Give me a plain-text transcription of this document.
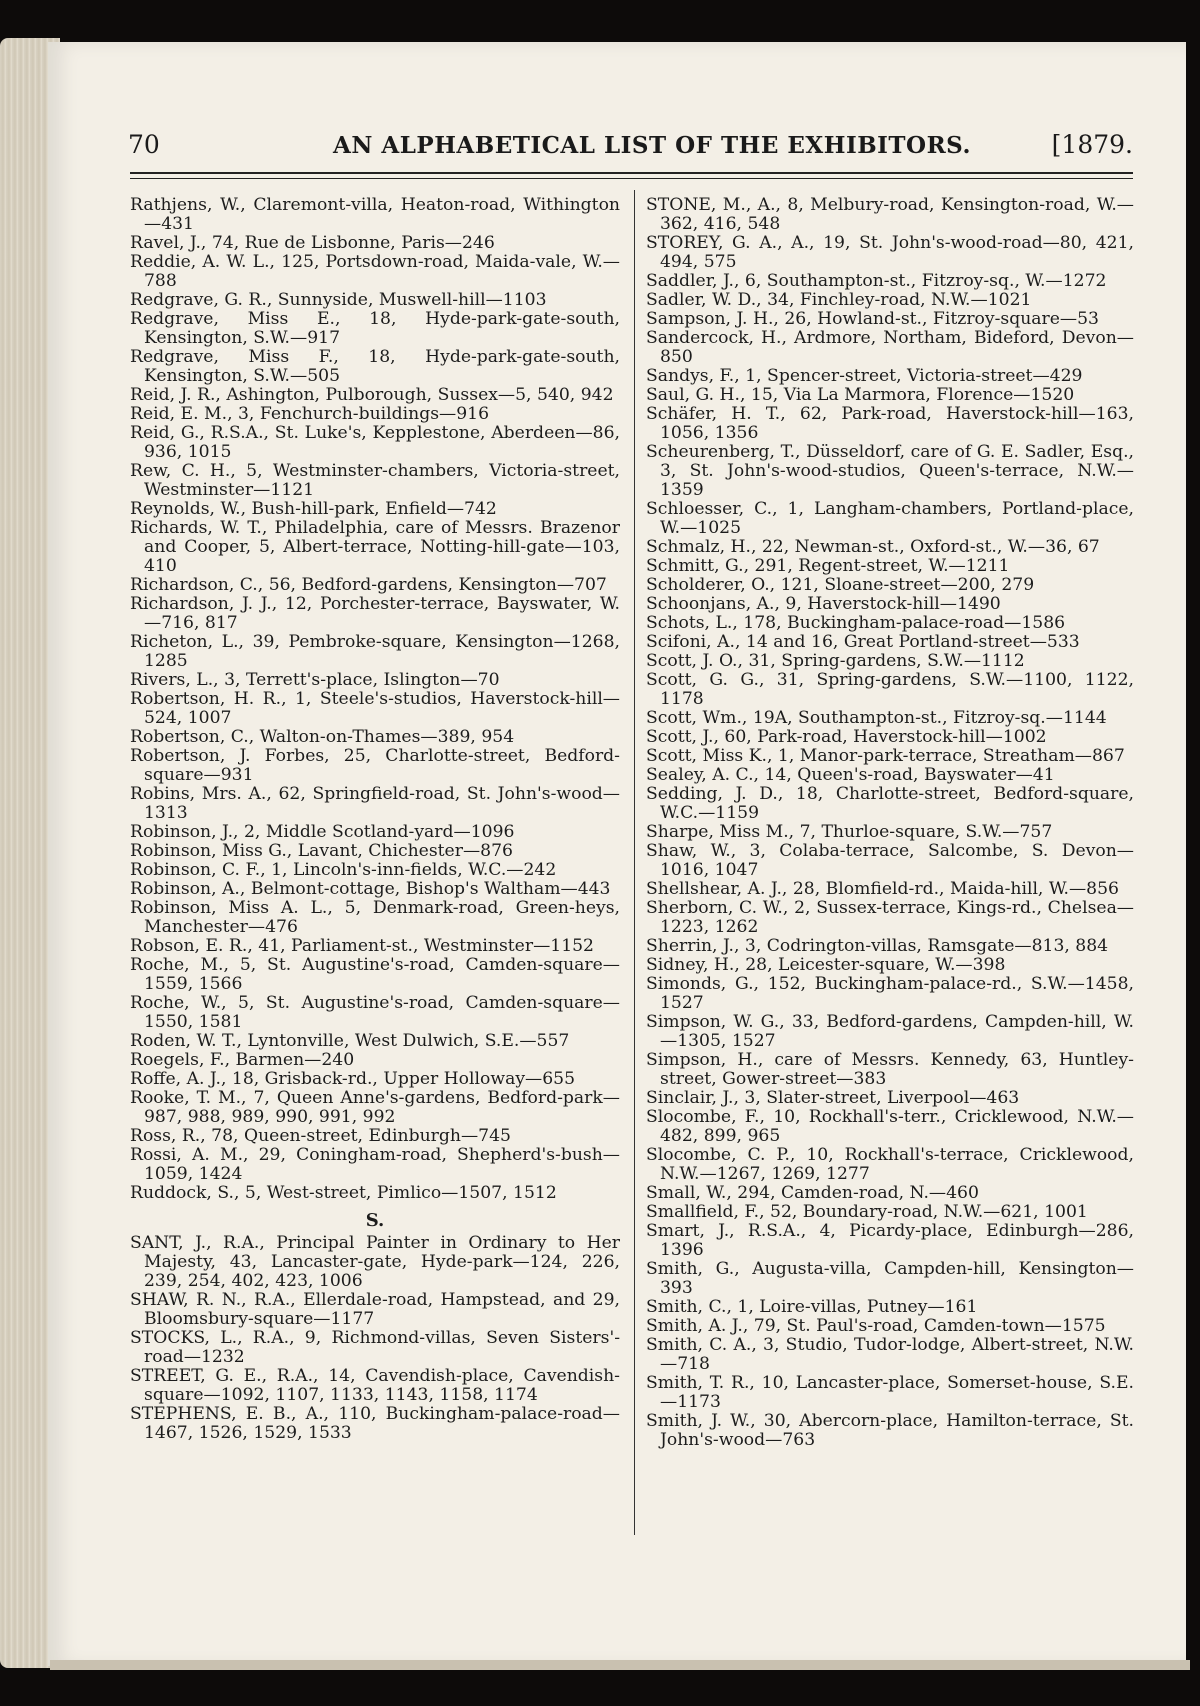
70	AN ALPHABETICAL LIST OF THE EXHIBITORS.	[1879.

Rathjens, W., Claremont-villa, Heaton-road, Withington—431

Ravel, J., 74, Rue de Lisbonne, Paris—246

Reddie, A. W. L., 125, Portsdown-road, Maida-vale, W.—788

Redgrave, G. R., Sunnyside, Muswell-hill—1103

Redgrave, Miss E., 18, Hyde-park-gate-south, Kensington, S.W.—917

Redgrave, Miss F., 18, Hyde-park-gate-south, Kensington, S.W.—505

Reid, J. R., Ashington, Pulborough, Sussex—5, 540, 942

Reid, E. M., 3, Fenchurch-buildings—916

Reid, G., R.S.A., St. Luke's, Kepplestone, Aberdeen—86, 936, 1015

Rew, C. H., 5, Westminster-chambers, Victoria-street, Westminster—1121

Reynolds, W., Bush-hill-park, Enfield—742

Richards, W. T., Philadelphia, care of Messrs. Brazenor and Cooper, 5, Albert-terrace, Notting-hill-gate—103, 410

Richardson, C., 56, Bedford-gardens, Kensington—707

Richardson, J. J., 12, Porchester-terrace, Bayswater, W.—716, 817

Richeton, L., 39, Pembroke-square, Kensington—1268, 1285

Rivers, L., 3, Terrett's-place, Islington—70

Robertson, H. R., 1, Steele's-studios, Haverstock-hill—524, 1007

Robertson, C., Walton-on-Thames—389, 954

Robertson, J. Forbes, 25, Charlotte-street, Bedford-square—931

Robins, Mrs. A., 62, Springfield-road, St. John's-wood—1313

Robinson, J., 2, Middle Scotland-yard—1096

Robinson, Miss G., Lavant, Chichester—876

Robinson, C. F., 1, Lincoln's-inn-fields, W.C.—242

Robinson, A., Belmont-cottage, Bishop's Waltham—443

Robinson, Miss A. L., 5, Denmark-road, Green-heys, Manchester—476

Robson, E. R., 41, Parliament-st., Westminster—1152

Roche, M., 5, St. Augustine's-road, Camden-square—1559, 1566

Roche, W., 5, St. Augustine's-road, Camden-square—1550, 1581

Roden, W. T., Lyntonville, West Dulwich, S.E.—557

Roegels, F., Barmen—240

Roffe, A. J., 18, Grisback-rd., Upper Holloway—655

Rooke, T. M., 7, Queen Anne's-gardens, Bedford-park—987, 988, 989, 990, 991, 992

Ross, R., 78, Queen-street, Edinburgh—745

Rossi, A. M., 29, Coningham-road, Shepherd's-bush—1059, 1424

Ruddock, S., 5, West-street, Pimlico—1507, 1512

S.

SANT, J., R.A., Principal Painter in Ordinary to Her Majesty, 43, Lancaster-gate, Hyde-park—124, 226, 239, 254, 402, 423, 1006

SHAW, R. N., R.A., Ellerdale-road, Hampstead, and 29, Bloomsbury-square—1177

STOCKS, L., R.A., 9, Richmond-villas, Seven Sisters'-road—1232

STREET, G. E., R.A., 14, Cavendish-place, Cavendish-square—1092, 1107, 1133, 1143, 1158, 1174

STEPHENS, E. B., A., 110, Buckingham-palace-road—1467, 1526, 1529, 1533

STONE, M., A., 8, Melbury-road, Kensington-road, W.—362, 416, 548

STOREY, G. A., A., 19, St. John's-wood-road—80, 421, 494, 575

Saddler, J., 6, Southampton-st., Fitzroy-sq., W.—1272

Sadler, W. D., 34, Finchley-road, N.W.—1021

Sampson, J. H., 26, Howland-st., Fitzroy-square—53

Sandercock, H., Ardmore, Northam, Bideford, Devon—850

Sandys, F., 1, Spencer-street, Victoria-street—429

Saul, G. H., 15, Via La Marmora, Florence—1520

Schäfer, H. T., 62, Park-road, Haverstock-hill—163, 1056, 1356

Scheurenberg, T., Düsseldorf, care of G. E. Sadler, Esq., 3, St. John's-wood-studios, Queen's-terrace, N.W.—1359

Schloesser, C., 1, Langham-chambers, Portland-place, W.—1025

Schmalz, H., 22, Newman-st., Oxford-st., W.—36, 67

Schmitt, G., 291, Regent-street, W.—1211

Scholderer, O., 121, Sloane-street—200, 279

Schoonjans, A., 9, Haverstock-hill—1490

Schots, L., 178, Buckingham-palace-road—1586

Scifoni, A., 14 and 16, Great Portland-street—533

Scott, J. O., 31, Spring-gardens, S.W.—1112

Scott, G. G., 31, Spring-gardens, S.W.—1100, 1122, 1178

Scott, Wm., 19A, Southampton-st., Fitzroy-sq.—1144

Scott, J., 60, Park-road, Haverstock-hill—1002

Scott, Miss K., 1, Manor-park-terrace, Streatham—867

Sealey, A. C., 14, Queen's-road, Bayswater—41

Sedding, J. D., 18, Charlotte-street, Bedford-square, W.C.—1159

Sharpe, Miss M., 7, Thurloe-square, S.W.—757

Shaw, W., 3, Colaba-terrace, Salcombe, S. Devon—1016, 1047

Shellshear, A. J., 28, Blomfield-rd., Maida-hill, W.—856

Sherborn, C. W., 2, Sussex-terrace, Kings-rd., Chelsea—1223, 1262

Sherrin, J., 3, Codrington-villas, Ramsgate—813, 884

Sidney, H., 28, Leicester-square, W.—398

Simonds, G., 152, Buckingham-palace-rd., S.W.—1458, 1527

Simpson, W. G., 33, Bedford-gardens, Campden-hill, W.—1305, 1527

Simpson, H., care of Messrs. Kennedy, 63, Huntley-street, Gower-street—383

Sinclair, J., 3, Slater-street, Liverpool—463

Slocombe, F., 10, Rockhall's-terr., Cricklewood, N.W.—482, 899, 965

Slocombe, C. P., 10, Rockhall's-terrace, Cricklewood, N.W.—1267, 1269, 1277

Small, W., 294, Camden-road, N.—460

Smallfield, F., 52, Boundary-road, N.W.—621, 1001

Smart, J., R.S.A., 4, Picardy-place, Edinburgh—286, 1396

Smith, G., Augusta-villa, Campden-hill, Kensington—393

Smith, C., 1, Loire-villas, Putney—161

Smith, A. J., 79, St. Paul's-road, Camden-town—1575

Smith, C. A., 3, Studio, Tudor-lodge, Albert-street, N.W.—718

Smith, T. R., 10, Lancaster-place, Somerset-house, S.E.—1173

Smith, J. W., 30, Abercorn-place, Hamilton-terrace, St. John's-wood—763
